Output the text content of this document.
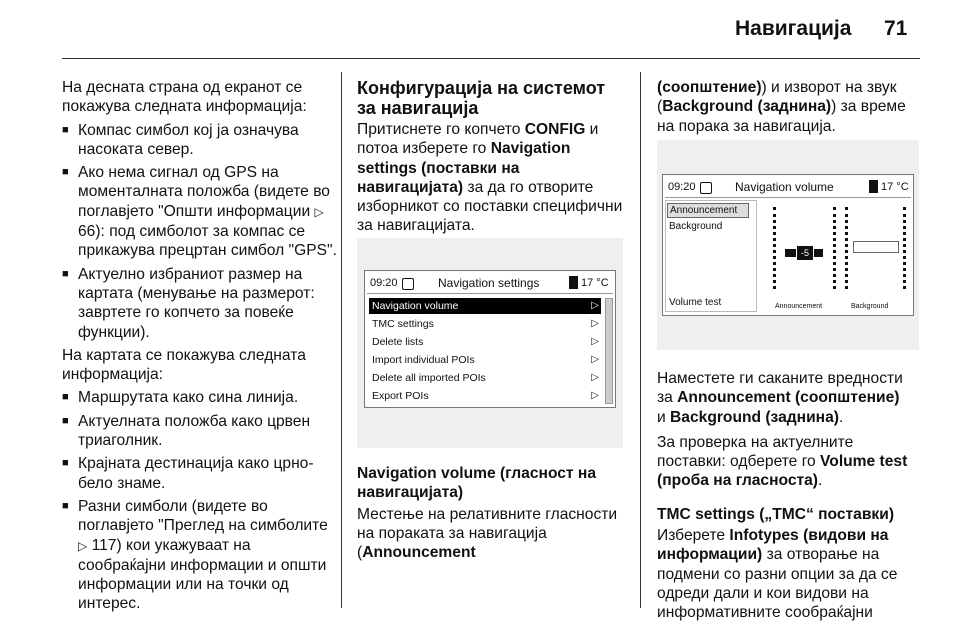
Навигација 71

На десната страна од екранот се покажува следната информација:

■ Компас симбол кој ја означува насоката север.

■ Ако нема сигнал од GPS на моменталната положба (видете во поглавјето "Општи информации ▷ 66): под симболот за компас се прикажува прецртан симбол "GPS".

■ Актуелно избраниот размер на картата (менување на размерот: завртете го копчето за повеќе функции).

На картата се покажува следната информација:

■ Маршрутата како сина линија.

■ Актуелната положба како црвен триаголник.

■ Крајната дестинација како црно-бело знаме.

■ Разни симболи (видете во поглавјето "Преглед на симболите ▷ 117) кои укажуваат на сообраќајни информации и општи информации или на точки од интерес.

Конфигурација на системот за навигација

Притиснете го копчето CONFIG и потоа изберете го Navigation settings (поставки на навигацијата) за да го отворите изборникот со поставки специфични за навигацијата.

09:20	Navigation settings	17 °C
Navigation volume	▷
TMC settings	▷
Delete lists	▷
Import individual POIs	▷
Delete all imported POIs	▷
Export POIs	▷

Navigation volume (гласност на навигацијата)

Местење на релативните гласности на пораката за навигација (Announcement

(соопштение)) и изворот на звук (Background (заднина)) за време на порака за навигација.

09:20	Navigation volume	17 °C
Announcement
Background
Volume test
-5
Announcement	Background

Наместете ги саканите вредности за Announcement (соопштение)
и Background (заднина).

За проверка на актуелните поставки: одберете го Volume test (проба на гласноста).

TMC settings („TMC“ поставки)

Изберете Infotypes (видови на информации) за отворање на подмени со разни опции за да се одреди дали и кои видови на информативните сообраќајни
